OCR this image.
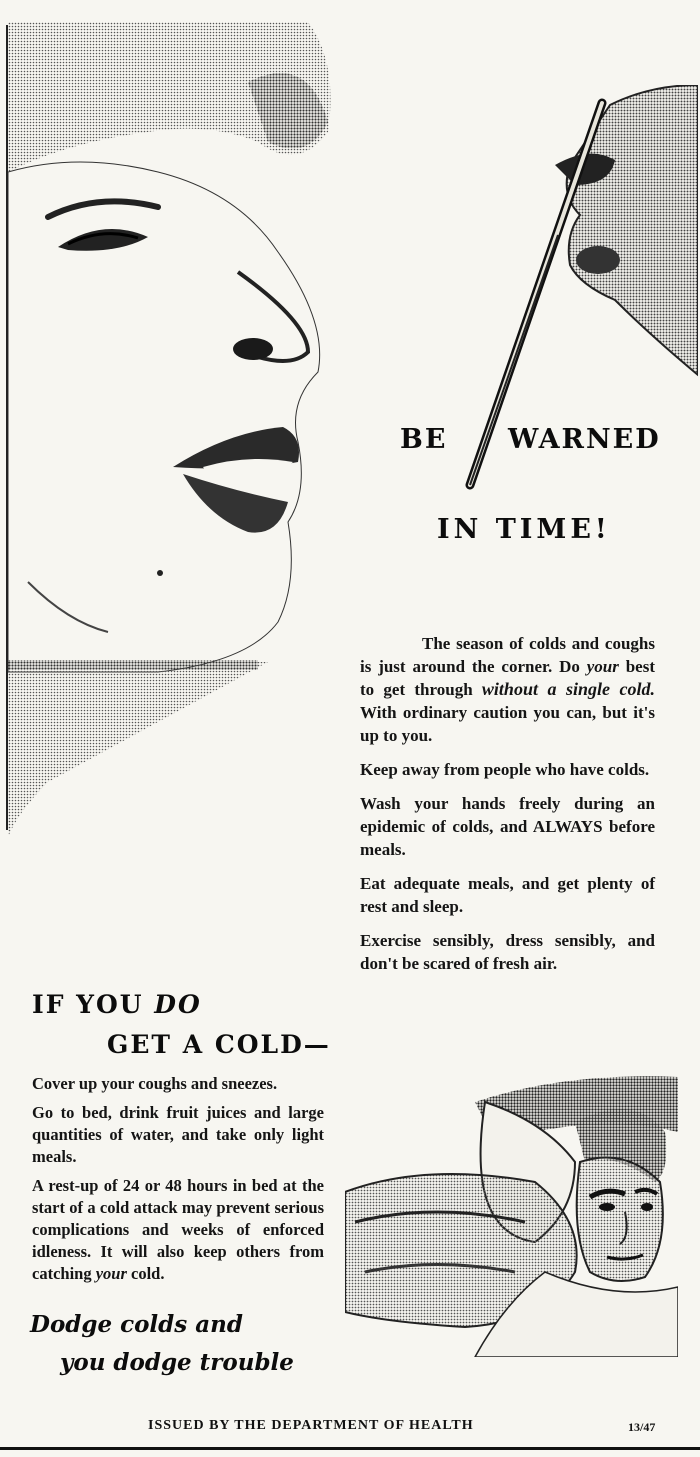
BE WARNED
IN TIME!

The season of colds and coughs is just around the corner. Do your best to get through without a single cold. With ordinary caution you can, but it's up to you.

Keep away from people who have colds.

Wash your hands freely during an epidemic of colds, and ALWAYS before meals.

Eat adequate meals, and get plenty of rest and sleep.

Exercise sensibly, dress sensibly, and don't be scared of fresh air.

IF YOU DO
GET A COLD—

Cover up your coughs and sneezes.

Go to bed, drink fruit juices and large quantities of water, and take only light meals.

A rest-up of 24 or 48 hours in bed at the start of a cold attack may prevent serious complications and weeks of enforced idleness. It will also keep others from catching your cold.

Dodge colds and
you dodge trouble
ISSUED BY THE DEPARTMENT OF HEALTH	13/47
